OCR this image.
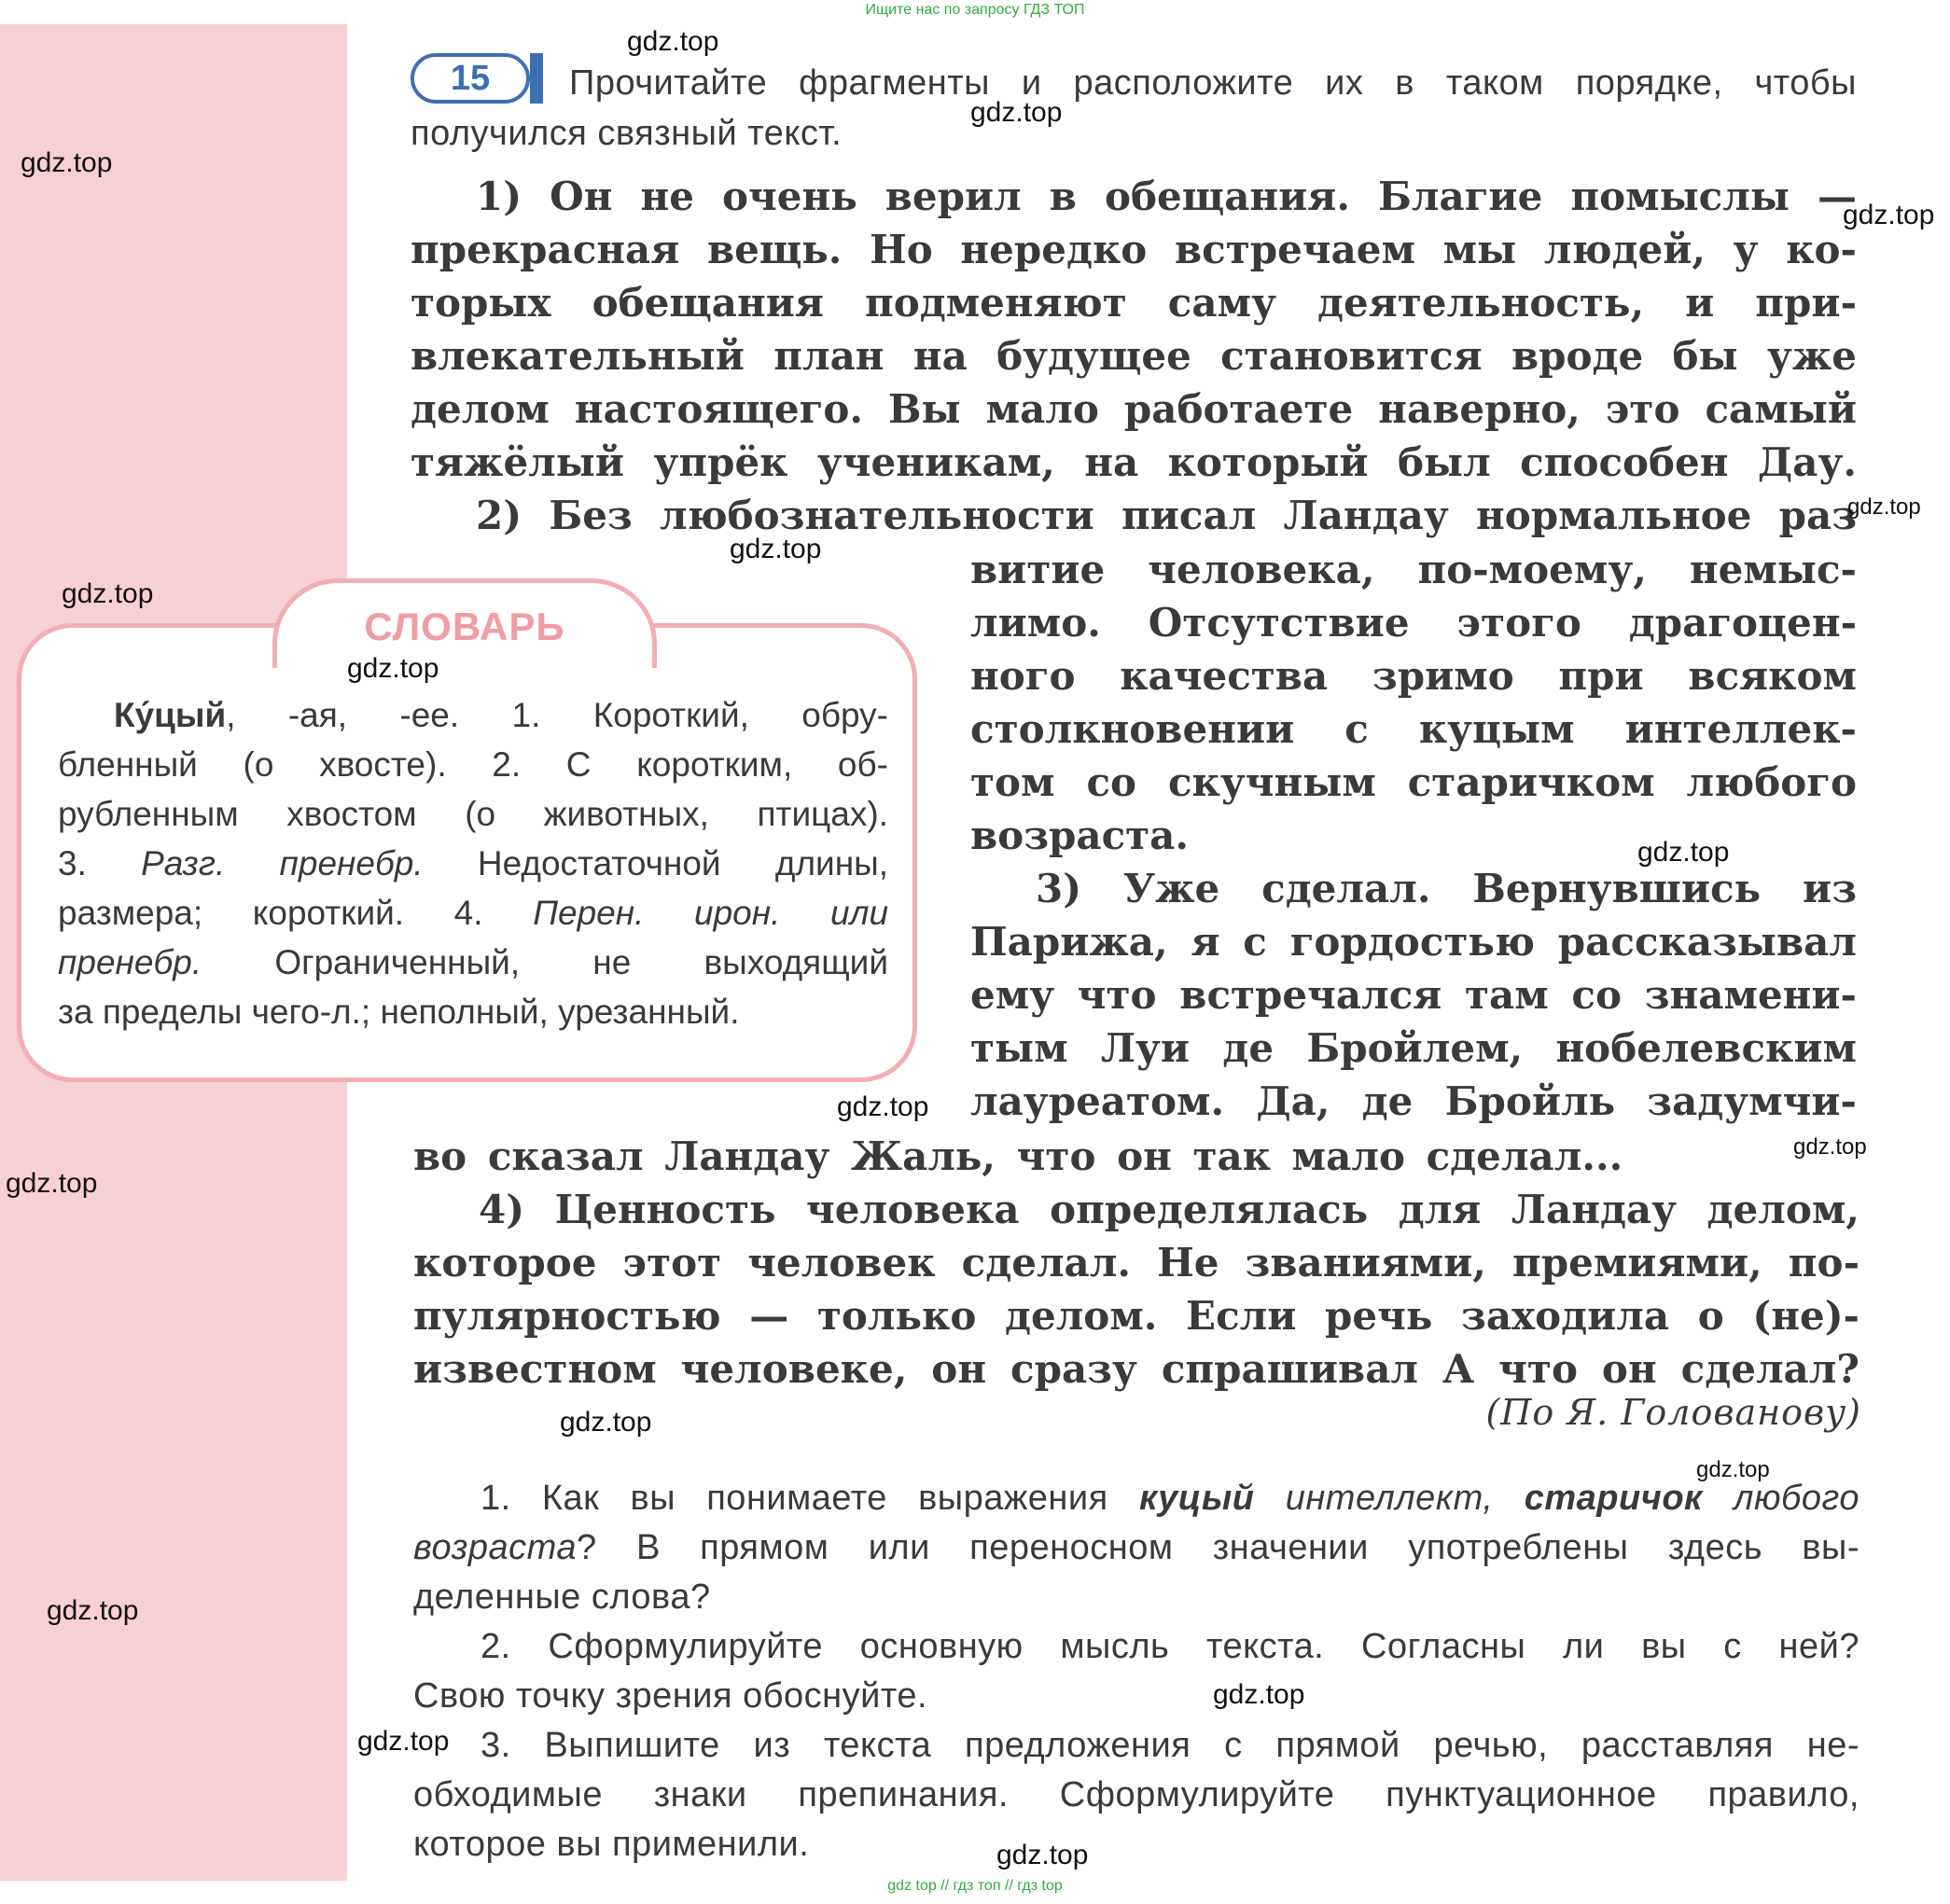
Ищите нас по запросу ГДЗ ТОП
15	Прочитайте фрагменты и расположите их в таком порядке, чтобы
получился связный текст.
1) Он не очень верил в обещания. Благие помыслы —
прекрасная вещь. Но нередко встречаем мы людей, у ко-
торых обещания подменяют саму деятельность, и при-
влекательный план на будущее становится вроде бы уже
делом настоящего. Вы мало работаете наверно, это самый
тяжёлый упрёк ученикам, на который был способен Дау.
2) Без любознательности писал Ландау нормальное раз
витие человека, по-моему, немыс-
лимо. Отсутствие этого драгоцен-
ного качества зримо при всяком
столкновении с куцым интеллек-
том со скучным старичком любого
возраста.
3) Уже сделал. Вернувшись из
Парижа, я с гордостью рассказывал
ему что встречался там со знамени-
тым Луи де Бройлем, нобелевским
лауреатом. Да, де Бройль задумчи-
во сказал Ландау Жаль, что он так мало сделал...
4) Ценность человека определялась для Ландау делом,
которое этот человек сделал. Не званиями, премиями, по-
пулярностью — только делом. Если речь заходила о (не)-
известном человеке, он сразу спрашивал А что он сделал?
(По Я. Голованову)
СЛОВАРЬ
Ку́цый, -ая, -ее. 1. Короткий, обру-
бленный (о хвосте). 2. С коротким, об-
рубленным хвостом (о животных, птицах).
3. Разг. пренебр. Недостаточной длины,
размера; короткий. 4. Перен. ирон. или
пренебр. Ограниченный, не выходящий
за пределы чего-л.; неполный, урезанный.
1. Как вы понимаете выражения куцый интеллект, старичок любого
возраста? В прямом или переносном значении употреблены здесь вы-
деленные слова?
2. Сформулируйте основную мысль текста. Согласны ли вы с ней?
Свою точку зрения обоснуйте.
3. Выпишите из текста предложения с прямой речью, расставляя не-
обходимые знаки препинания. Сформулируйте пунктуационное правило,
которое вы применили.
gdz.top
gdz.top
gdz.top
gdz.top
gdz.top
gdz.top
gdz.top
gdz.top
gdz.top
gdz.top
gdz.top
gdz.top
gdz.top
gdz.top
gdz.top
gdz.top
gdz.top
gdz.top
gdz top // гдз топ // гдз top
